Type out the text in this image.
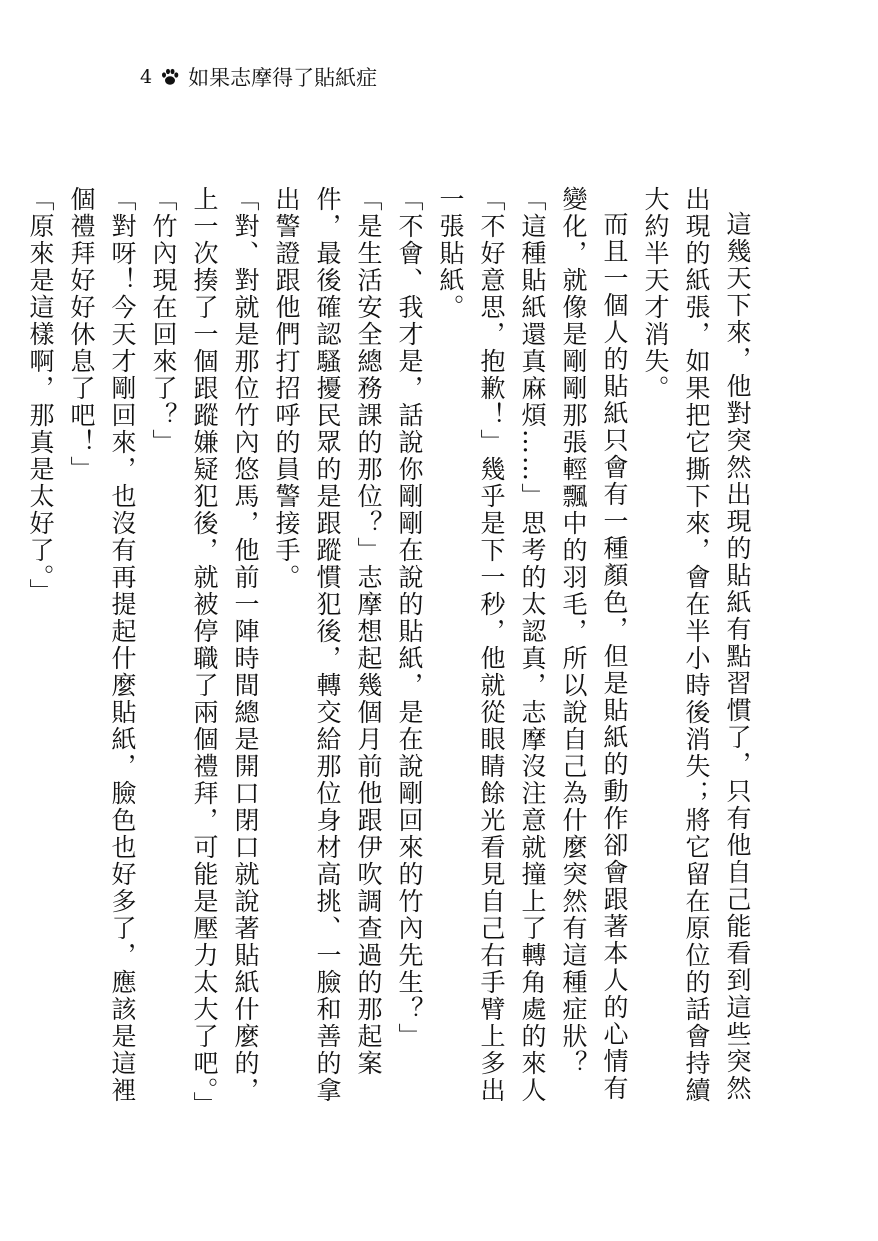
4 如果志摩得了貼紙症

這幾天下來，他對突然出現的貼紙有點習慣了，只有他自己能看到這些突然出現的紙張，如果把它撕下來，會在半小時後消失；將它留在原位的話會持續大約半天才消失。

而且一個人的貼紙只會有一種顏色，但是貼紙的動作卻會跟著本人的心情有變化，就像是剛剛那張輕飄中的羽毛，所以說自己為什麼突然有這種症狀？

「這種貼紙還真麻煩……」思考的太認真，志摩沒注意就撞上了轉角處的來人「不好意思，抱歉！」幾乎是下一秒，他就從眼睛餘光看見自己右手臂上多出一張貼紙。

「不會、我才是，話說你剛剛在說的貼紙，是在說剛回來的竹內先生？」

「是生活安全總務課的那位？」志摩想起幾個月前他跟伊吹調查過的那起案件，最後確認騷擾民眾的是跟蹤慣犯後，轉交給那位身材高挑、一臉和善的拿出警證跟他們打招呼的員警接手。

「對、對就是那位竹內悠馬，他前一陣時間總是開口閉口就說著貼紙什麼的，上一次揍了一個跟蹤嫌疑犯後，就被停職了兩個禮拜，可能是壓力太大了吧。」

「竹內現在回來了？」

「對呀！今天才剛回來，也沒有再提起什麼貼紙，臉色也好多了，應該是這裡個禮拜好好休息了吧！」

「原來是這樣啊，那真是太好了。」
